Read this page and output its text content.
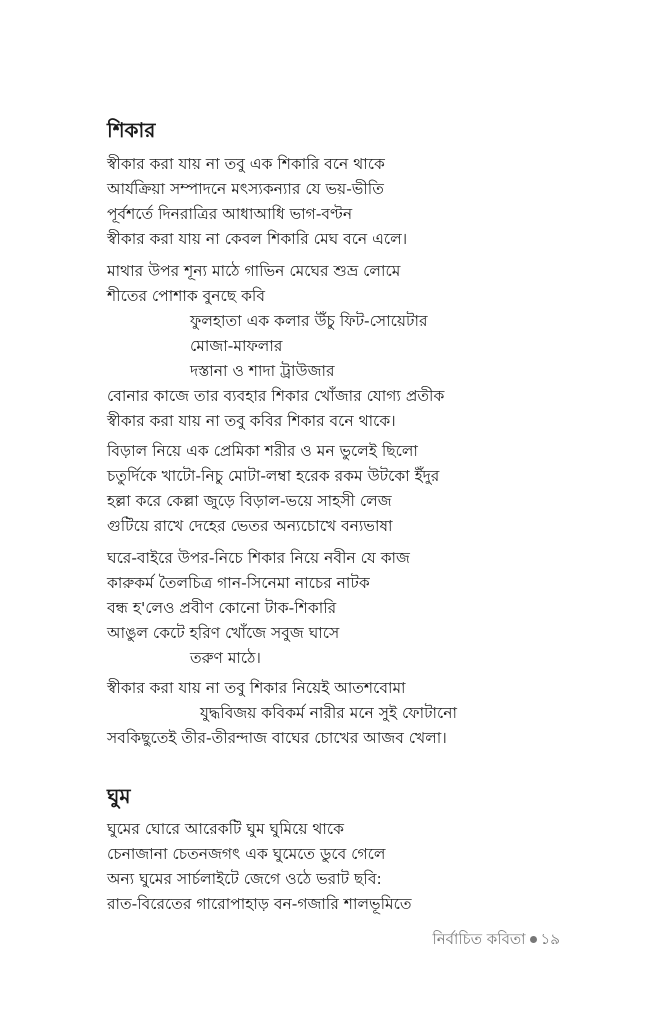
শিকার
স্বীকার করা যায় না তবু এক শিকারি বনে থাকে
আর্যক্রিয়া সম্পাদনে মৎস্যকন্যার যে ভয়-ভীতি
পূর্বশর্তে দিনরাত্রির আধাআধি ভাগ-বণ্টন
স্বীকার করা যায় না কেবল শিকারি মেঘ বনে এলে।
মাথার উপর শূন্য মাঠে গাভিন মেঘের শুভ্র লোমে
শীতের পোশাক বুনছে কবি
ফুলহাতা এক কলার উঁচু ফিট-সোয়েটার
মোজা-মাফলার
দস্তানা ও শাদা ট্রাউজার
বোনার কাজে তার ব্যবহার শিকার খোঁজার যোগ্য প্রতীক
স্বীকার করা যায় না তবু কবির শিকার বনে থাকে।
বিড়াল নিয়ে এক প্রেমিকা শরীর ও মন ভুলেই ছিলো
চতুর্দিকে খাটো-নিচু মোটা-লম্বা হরেক রকম উটকো ইঁদুর
হল্লা করে কেল্লা জুড়ে বিড়াল-ভয়ে সাহসী লেজ
গুটিয়ে রাখে দেহের ভেতর অন্যচোখে বন্যভাষা
ঘরে-বাইরে উপর-নিচে শিকার নিয়ে নবীন যে কাজ
কারুকর্ম তৈলচিত্র গান-সিনেমা নাচের নাটক
বন্ধ হ'লেও প্রবীণ কোনো টাক-শিকারি
আঙুল কেটে হরিণ খোঁজে সবুজ ঘাসে
তরুণ মাঠে।
স্বীকার করা যায় না তবু শিকার নিয়েই আতশবোমা
যুদ্ধবিজয় কবিকর্ম নারীর মনে সুই ফোটানো
সবকিছুতেই তীর-তীরন্দাজ বাঘের চোখের আজব খেলা।
ঘুম
ঘুমের ঘোরে আরেকটি ঘুম ঘুমিয়ে থাকে
চেনাজানা চেতনজগৎ এক ঘুমেতে ডুবে গেলে
অন্য ঘুমের সার্চলাইটে জেগে ওঠে ভরাট ছবি:
রাত-বিরেতের গারোপাহাড় বন-গজারি শালভূমিতে
নির্বাচিত কবিতা ১৯
